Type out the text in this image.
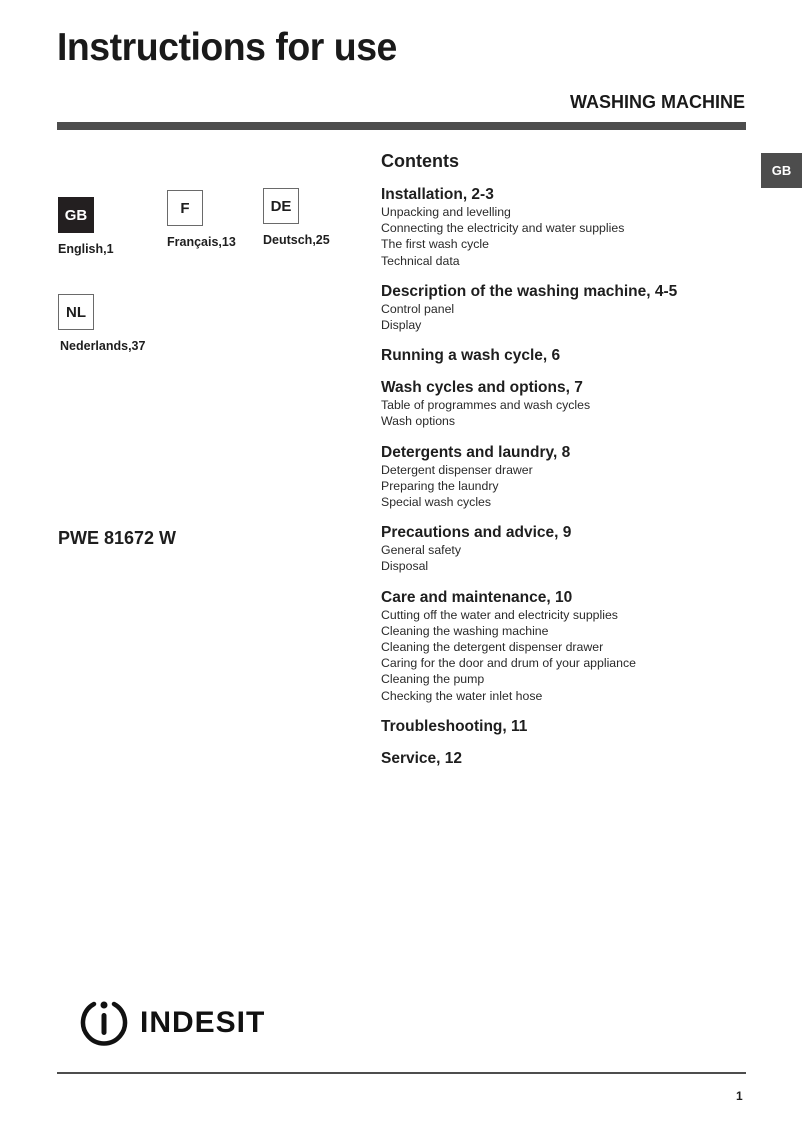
Instructions for use
WASHING MACHINE
GB
GB
English,1
F
Français,13
DE
Deutsch,25
NL
Nederlands,37
PWE 81672 W
Contents
Installation, 2-3
Unpacking and levelling
Connecting the electricity and water supplies
The first wash cycle
Technical data
Description of the washing machine, 4-5
Control panel
Display
Running a wash cycle, 6
Wash cycles and options, 7
Table of programmes and wash cycles
Wash options
Detergents and laundry, 8
Detergent dispenser drawer
Preparing the laundry
Special wash cycles
Precautions and advice, 9
General safety
Disposal
Care and maintenance, 10
Cutting off the water and electricity supplies
Cleaning the washing machine
Cleaning the detergent dispenser drawer
Caring for the door and drum of your appliance
Cleaning the pump
Checking the water inlet hose
Troubleshooting, 11
Service, 12
INDESIT
1
